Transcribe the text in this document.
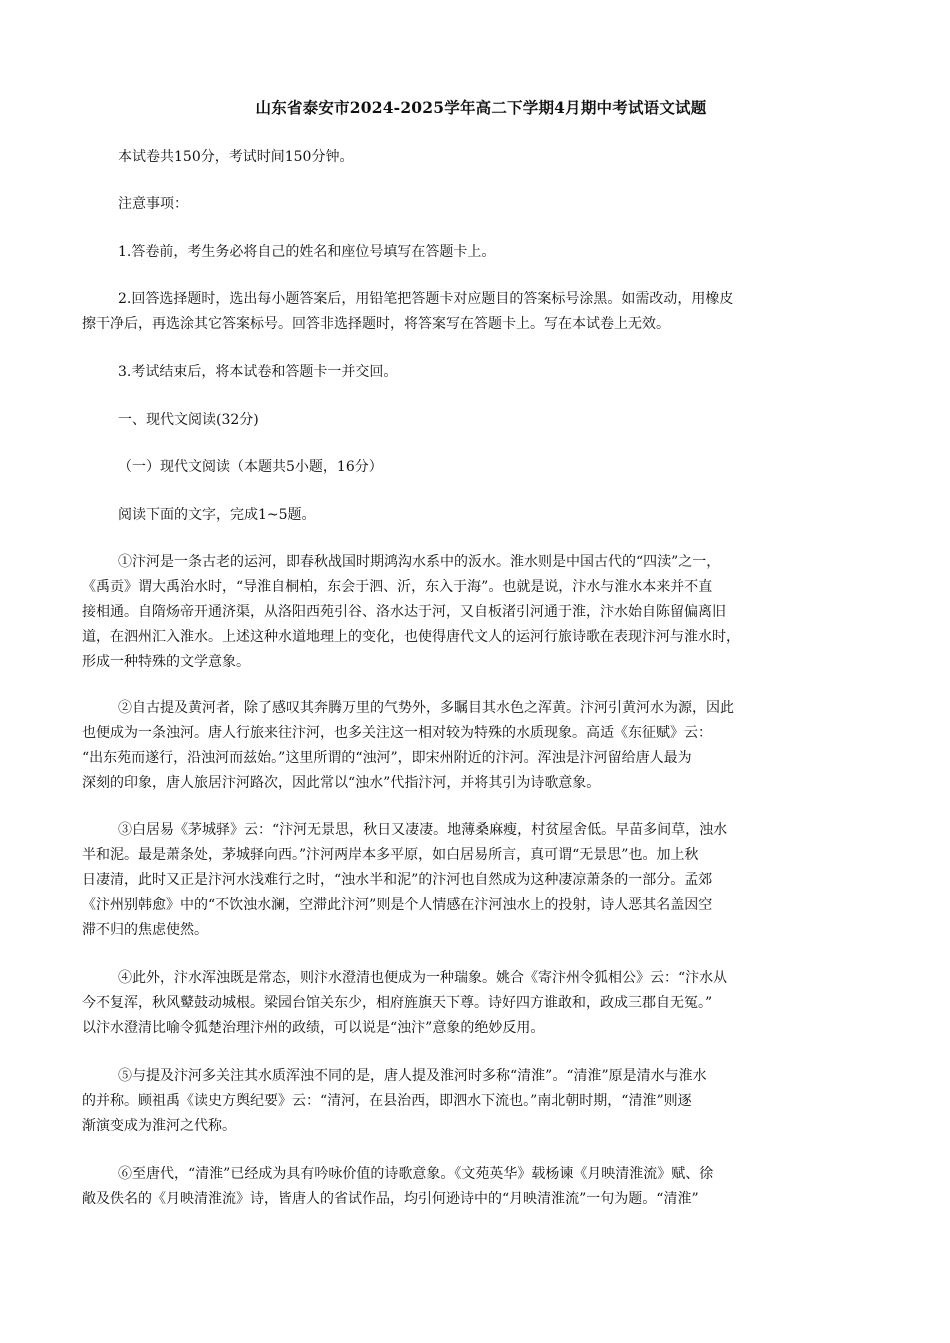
山东省泰安市2024-2025学年高二下学期4月期中考试语文试题
本试卷共150分，考试时间150分钟。
注意事项：
1.答卷前，考生务必将自己的姓名和座位号填写在答题卡上。
2.回答选择题时，选出每小题答案后，用铅笔把答题卡对应题目的答案标号涂黑。如需改动，用橡皮
擦干净后，再选涂其它答案标号。回答非选择题时，将答案写在答题卡上。写在本试卷上无效。
3.考试结束后，将本试卷和答题卡一并交回。
一、现代文阅读(32分)
（一）现代文阅读（本题共5小题，16分）
阅读下面的文字，完成1~5题。
①汴河是一条古老的运河，即春秋战国时期鸿沟水系中的汳水。淮水则是中国古代的“四渎”之一，
《禹贡》谓大禹治水时，“导淮自桐柏，东会于泗、沂，东入于海”。也就是说，汴水与淮水本来并不直
接相通。自隋炀帝开通济渠，从洛阳西苑引谷、洛水达于河，又自板渚引河通于淮，汴水始自陈留偏离旧
道，在泗州汇入淮水。上述这种水道地理上的变化，也使得唐代文人的运河行旅诗歌在表现汴河与淮水时，
形成一种特殊的文学意象。
②自古提及黄河者，除了感叹其奔腾万里的气势外，多瞩目其水色之浑黄。汴河引黄河水为源，因此
也便成为一条浊河。唐人行旅来往汴河，也多关注这一相对较为特殊的水质现象。高适《东征赋》云：
“出东苑而遂行，沿浊河而兹始。”这里所谓的“浊河”，即宋州附近的汴河。浑浊是汴河留给唐人最为
深刻的印象，唐人旅居汴河路次，因此常以“浊水”代指汴河，并将其引为诗歌意象。
③白居易《茅城驿》云：“汴河无景思，秋日又凄凄。地薄桑麻瘦，村贫屋舍低。早苗多间草，浊水
半和泥。最是萧条处，茅城驿向西。”汴河两岸本多平原，如白居易所言，真可谓“无景思”也。加上秋
日凄清，此时又正是汴河水浅难行之时，“浊水半和泥”的汴河也自然成为这种凄凉萧条的一部分。孟郊
《汴州别韩愈》中的“不饮浊水澜，空滞此汴河”则是个人情感在汴河浊水上的投射，诗人恶其名盖因空
滞不归的焦虑使然。
④此外，汴水浑浊既是常态，则汴水澄清也便成为一种瑞象。姚合《寄汴州令狐相公》云：“汴水从
今不复浑，秋风鼙鼓动城根。梁园台馆关东少，相府旌旗天下尊。诗好四方谁敢和，政成三郡自无冤。”
以汴水澄清比喻令狐楚治理汴州的政绩，可以说是“浊汴”意象的绝妙反用。
⑤与提及汴河多关注其水质浑浊不同的是，唐人提及淮河时多称“清淮”。“清淮”原是清水与淮水
的并称。顾祖禹《读史方舆纪要》云：“清河，在县治西，即泗水下流也。”南北朝时期，“清淮”则逐
渐演变成为淮河之代称。
⑥至唐代，“清淮”已经成为具有吟咏价值的诗歌意象。《文苑英华》载杨谏《月映清淮流》赋、徐
敞及佚名的《月映清淮流》诗，皆唐人的省试作品，均引何逊诗中的“月映清淮流”一句为题。“清淮”
